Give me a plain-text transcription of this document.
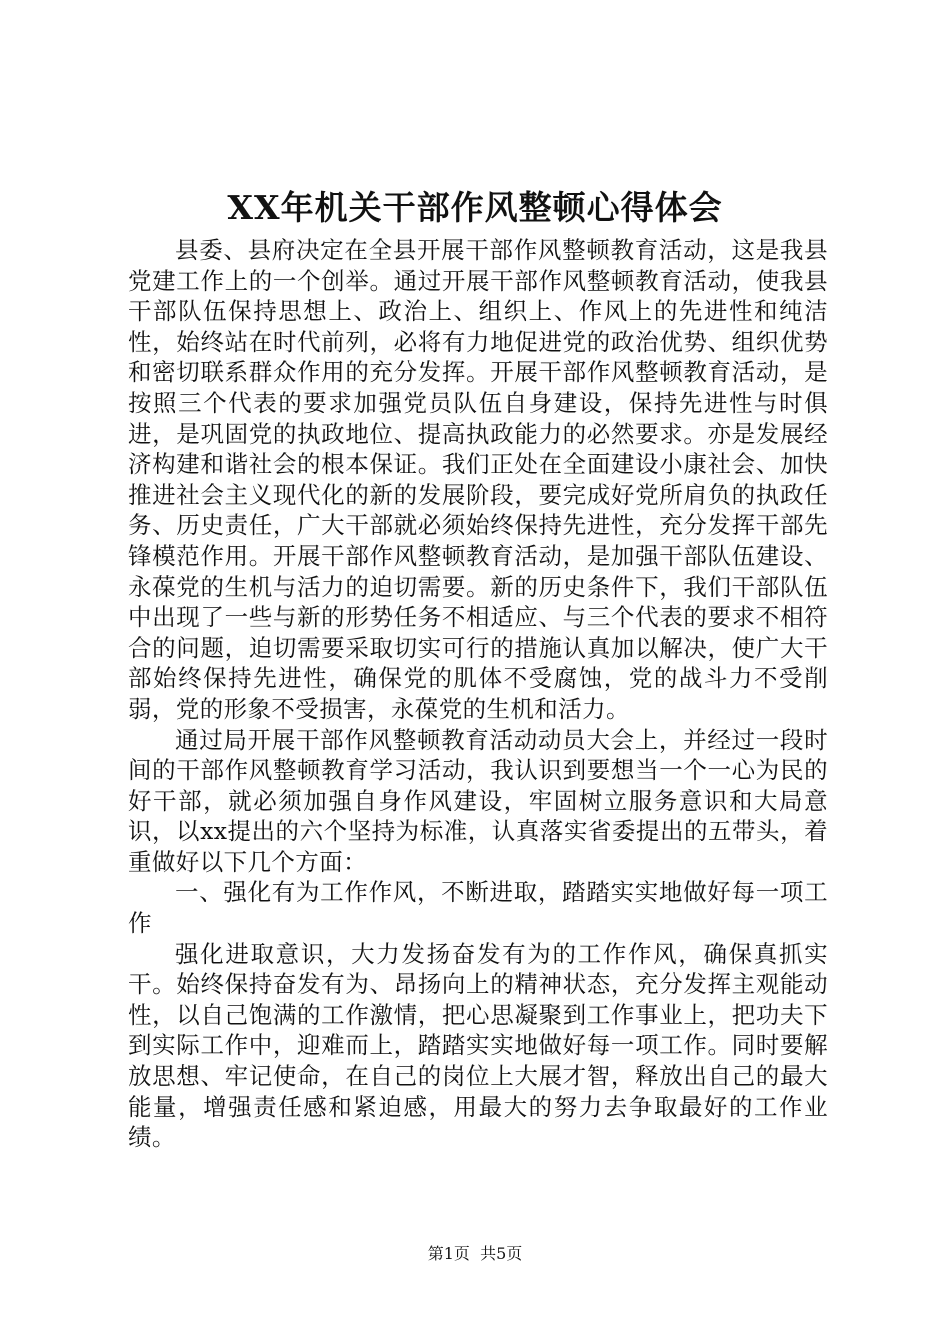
XX年机关干部作风整顿心得体会

县委、县府决定在全县开展干部作风整顿教育活动，这是我县党建工作上的一个创举。通过开展干部作风整顿教育活动，使我县干部队伍保持思想上、政治上、组织上、作风上的先进性和纯洁性，始终站在时代前列，必将有力地促进党的政治优势、组织优势和密切联系群众作用的充分发挥。开展干部作风整顿教育活动，是按照三个代表的要求加强党员队伍自身建设，保持先进性与时俱进，是巩固党的执政地位、提高执政能力的必然要求。亦是发展经济构建和谐社会的根本保证。我们正处在全面建设小康社会、加快推进社会主义现代化的新的发展阶段，要完成好党所肩负的执政任务、历史责任，广大干部就必须始终保持先进性，充分发挥干部先锋模范作用。开展干部作风整顿教育活动，是加强干部队伍建设、永葆党的生机与活力的迫切需要。新的历史条件下，我们干部队伍中出现了一些与新的形势任务不相适应、与三个代表的要求不相符合的问题，迫切需要采取切实可行的措施认真加以解决，使广大干部始终保持先进性，确保党的肌体不受腐蚀，党的战斗力不受削弱，党的形象不受损害，永葆党的生机和活力。

通过局开展干部作风整顿教育活动动员大会上，并经过一段时间的干部作风整顿教育学习活动，我认识到要想当一个一心为民的好干部，就必须加强自身作风建设，牢固树立服务意识和大局意识，以xx提出的六个坚持为标准，认真落实省委提出的五带头，着重做好以下几个方面：

一、强化有为工作作风，不断进取，踏踏实实地做好每一项工作

强化进取意识，大力发扬奋发有为的工作作风，确保真抓实干。始终保持奋发有为、昂扬向上的精神状态，充分发挥主观能动性，以自己饱满的工作激情，把心思凝聚到工作事业上，把功夫下到实际工作中，迎难而上，踏踏实实地做好每一项工作。同时要解放思想、牢记使命，在自己的岗位上大展才智，释放出自己的最大能量，增强责任感和紧迫感，用最大的努力去争取最好的工作业绩。

第1页 共5页
